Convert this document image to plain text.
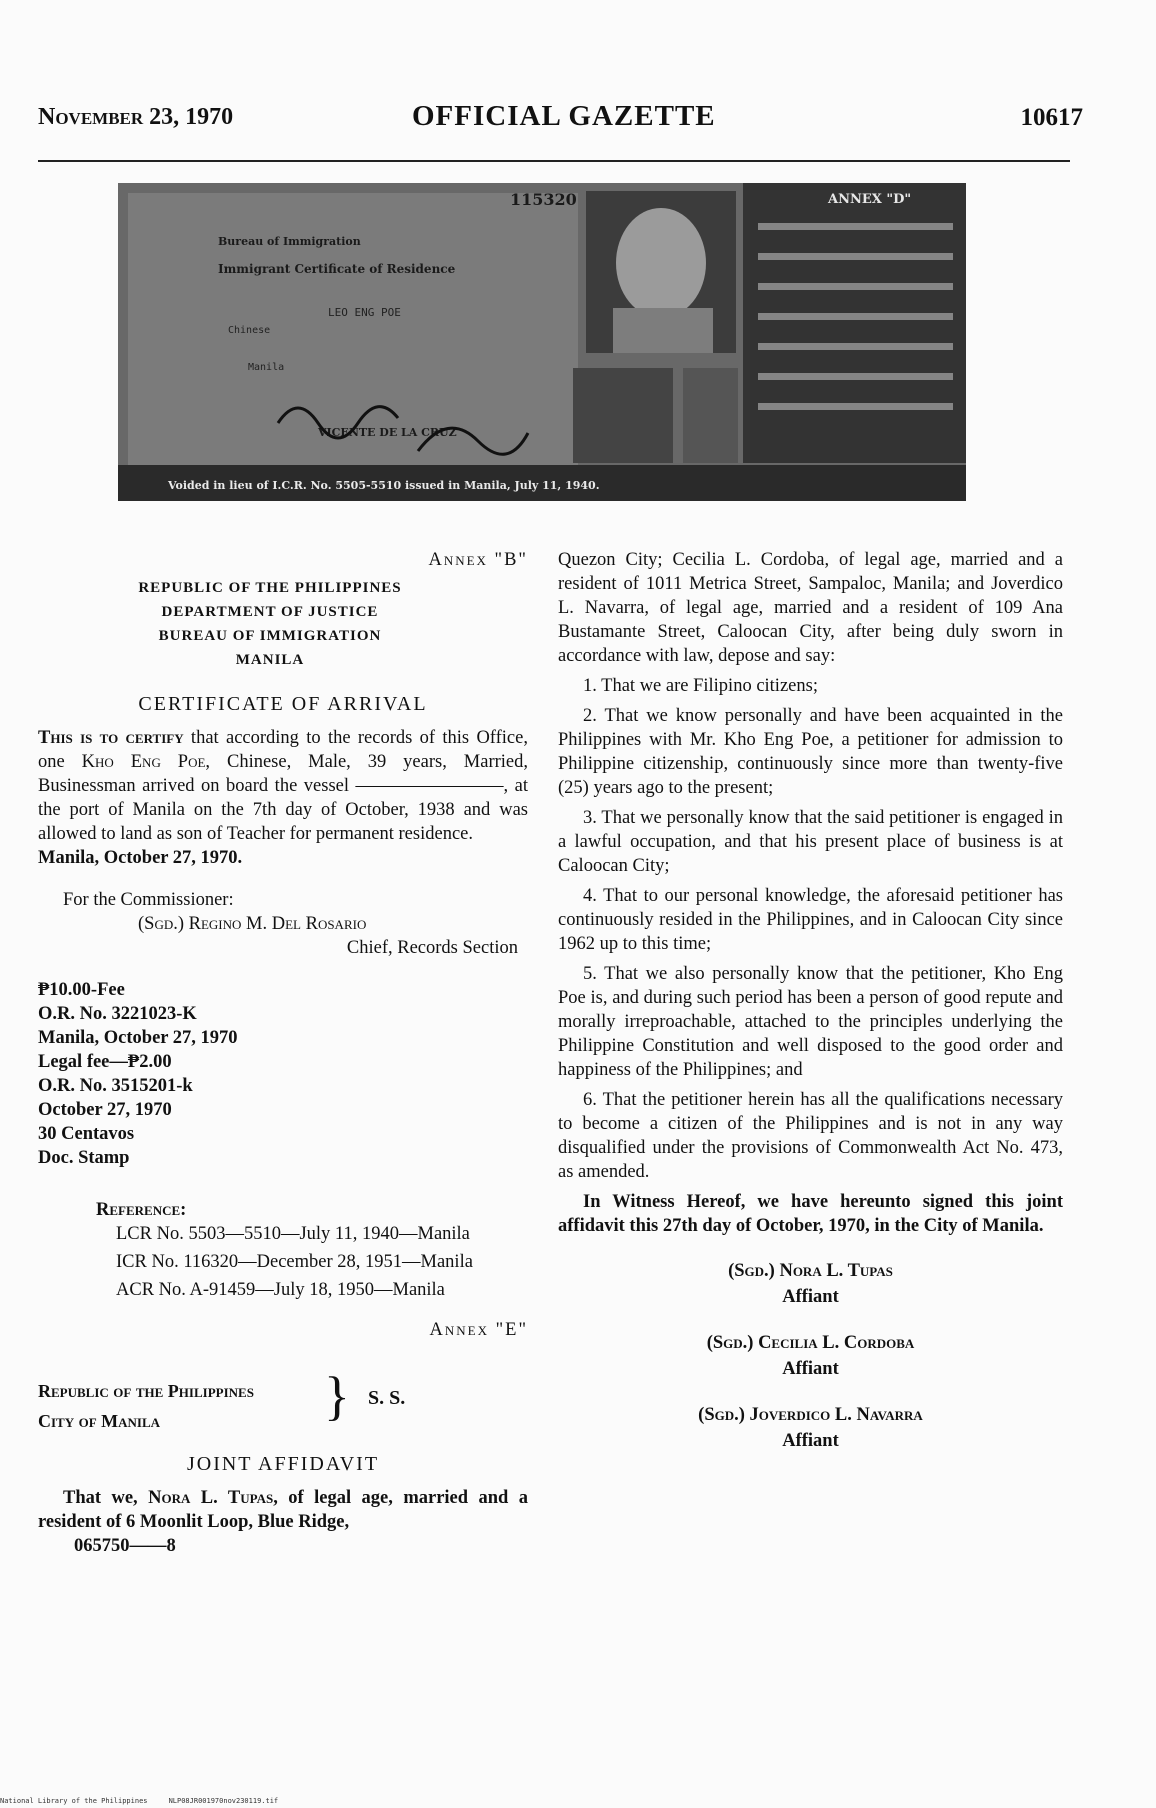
November 23, 1970	OFFICIAL GAZETTE	10617
115320
Bureau of Immigration
Immigrant Certificate of Residence
LEO ENG POE
Chinese
Manila
VICENTE DE LA CRUZ
ANNEX "D"
Voided in lieu of I.C.R. No. 5505-5510 issued in Manila, July 11, 1940.

Annex "B"

REPUBLIC OF THE PHILIPPINES

DEPARTMENT OF JUSTICE

BUREAU OF IMMIGRATION

MANILA

CERTIFICATE OF ARRIVAL

This is to certify that according to the records of this Office, one Kho Eng Poe, Chinese, Male, 39 years, Married, Businessman arrived on board the vessel ————————, at the port of Manila on the 7th day of October, 1938 and was allowed to land as son of Teacher for permanent residence.

Manila, October 27, 1970.

For the Commissioner:

(Sgd.) Regino M. Del Rosario

Chief, Records Section

₱10.00-Fee

O.R. No. 3221023-K

Manila, October 27, 1970

Legal fee—₱2.00

O.R. No. 3515201-k

October 27, 1970

30 Centavos

Doc. Stamp

Reference:

LCR No. 5503—5510—July 11, 1940—Manila

ICR No. 116320—December 28, 1951—Manila

ACR No. A-91459—July 18, 1950—Manila

Annex "E"

Republic of the Philippines
City of Manila	} S. S.

JOINT AFFIDAVIT

That we, Nora L. Tupas, of legal age, married and a resident of 6 Moonlit Loop, Blue Ridge,

065750——8

Quezon City; Cecilia L. Cordoba, of legal age, married and a resident of 1011 Metrica Street, Sampaloc, Manila; and Joverdico L. Navarra, of legal age, married and a resident of 109 Ana Bustamante Street, Caloocan City, after being duly sworn in accordance with law, depose and say:

1. That we are Filipino citizens;

2. That we know personally and have been acquainted in the Philippines with Mr. Kho Eng Poe, a petitioner for admission to Philippine citizenship, continuously since more than twenty-five (25) years ago to the present;

3. That we personally know that the said petitioner is engaged in a lawful occupation, and that his present place of business is at Caloocan City;

4. That to our personal knowledge, the aforesaid petitioner has continuously resided in the Philippines, and in Caloocan City since 1962 up to this time;

5. That we also personally know that the petitioner, Kho Eng Poe is, and during such period has been a person of good repute and morally irreproachable, attached to the principles underlying the Philippine Constitution and well disposed to the good order and happiness of the Philippines; and

6. That the petitioner herein has all the qualifications necessary to become a citizen of the Philippines and is not in any way disqualified under the provisions of Commonwealth Act No. 473, as amended.

In Witness Hereof, we have hereunto signed this joint affidavit this 27th day of October, 1970, in the City of Manila.

(Sgd.) Nora L. Tupas
Affiant
(Sgd.) Cecilia L. Cordoba
Affiant
(Sgd.) Joverdico L. Navarra
Affiant
National Library of the Philippines     NLP08JR001970nov230119.tif
